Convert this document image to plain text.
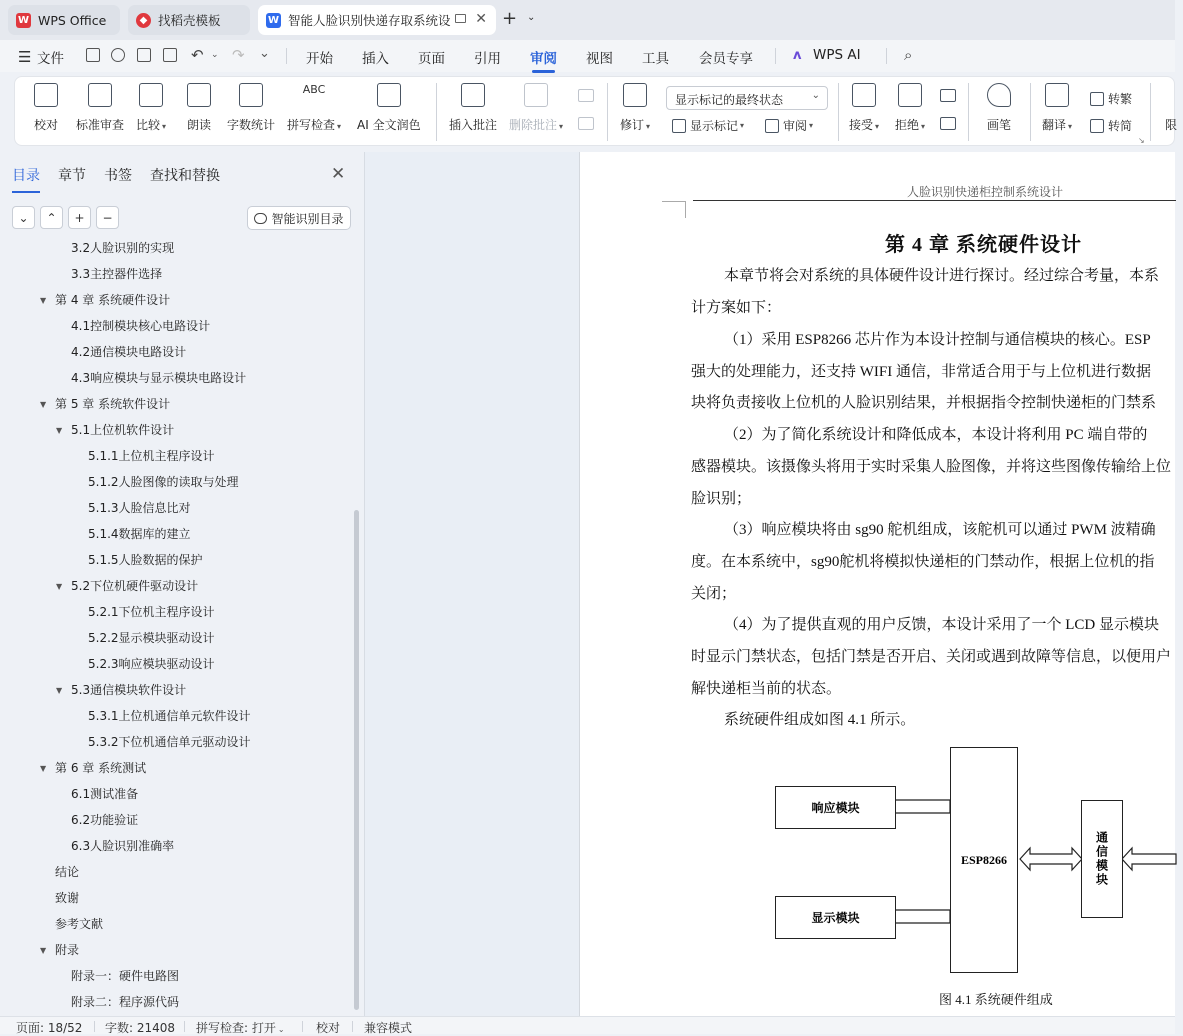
W WPS Office	◆ 找稻壳模板	W 智能人脸识别快递存取系统设 ✕ + ⌄
☰ 文件	↶ ⌄ ↷ ⌄	开始 插入 页面 引用 审阅 视图 工具 会员专享	ᴧ WPS AI	⌕
校对 标准审查 比较 ▾ 朗读 字数统计
ABC
拼写检查 ▾ AI 全文润色 插入批注 删除批注 ▾	修订 ▾
显示标记的最终状态	⌄
显示标记 ▾	审阅 ▾	接受 ▾ 拒绝 ▾	画笔	翻译 ▾
转繁
转简	限
↘
目录 章节 书签 查找和替换	✕
⌄	⌃	+	−	智能识别目录
3.2人脸识别的实现
3.3主控器件选择
▼ 第 4 章 系统硬件设计
4.1控制模块核心电路设计
4.2通信模块电路设计
4.3响应模块与显示模块电路设计
▼ 第 5 章 系统软件设计
▼ 5.1上位机软件设计
5.1.1上位机主程序设计
5.1.2人脸图像的读取与处理
5.1.3人脸信息比对
5.1.4数据库的建立
5.1.5人脸数据的保护
▼ 5.2下位机硬件驱动设计
5.2.1下位机主程序设计
5.2.2显示模块驱动设计
5.2.3响应模块驱动设计
▼ 5.3通信模块软件设计
5.3.1上位机通信单元软件设计
5.3.2下位机通信单元驱动设计
▼ 第 6 章 系统测试
6.1测试准备
6.2功能验证
6.3人脸识别准确率
结论
致谢
参考文献
▼ 附录
附录一：硬件电路图
附录二：程序源代码
人脸识别快递柜控制系统设计
第 4 章 系统硬件设计
本章节将会对系统的具体硬件设计进行探讨。经过综合考量，本系
计方案如下：
（1）采用 ESP8266 芯片作为本设计控制与通信模块的核心。ESP
强大的处理能力，还支持 WIFI 通信，非常适合用于与上位机进行数据
块将负责接收上位机的人脸识别结果，并根据指令控制快递柜的门禁系
（2）为了简化系统设计和降低成本，本设计将利用 PC 端自带的
感器模块。该摄像头将用于实时采集人脸图像，并将这些图像传输给上位
脸识别；
（3）响应模块将由 sg90 舵机组成，该舵机可以通过 PWM 波精确
度。在本系统中，sg90舵机将模拟快递柜的门禁动作，根据上位机的指
关闭；
（4）为了提供直观的用户反馈，本设计采用了一个 LCD 显示模块
时显示门禁状态，包括门禁是否开启、关闭或遇到故障等信息，以便用户
解快递柜当前的状态。
系统硬件组成如图 4.1 所示。
响应模块
显示模块
ESP8266	通信模块
图 4.1 系统硬件组成
页面: 18/52 字数: 21408 拼写检查: 打开 ⌄	校对 兼容模式
